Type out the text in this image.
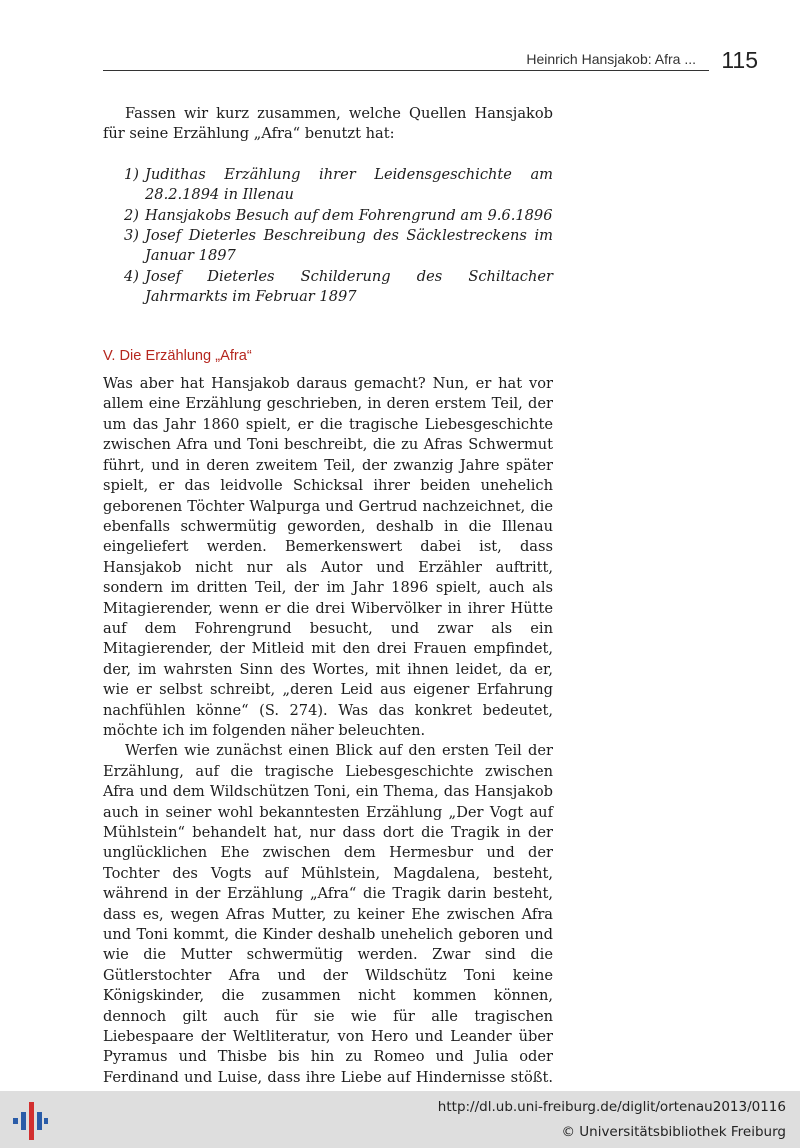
Heinrich Hansjakob: Afra ... 115

Fassen wir kurz zusammen, welche Quellen Hansjakob für seine Erzählung „Afra“ benutzt hat:

1) Judithas Erzählung ihrer Leidensgeschichte am 28.2.1894 in Illenau
2) Hansjakobs Besuch auf dem Fohrengrund am 9.6.1896
3) Josef Dieterles Beschreibung des Säcklestreckens im Januar 1897
4) Josef Dieterles Schilderung des Schiltacher Jahrmarkts im Februar 1897
V. Die Erzählung „Afra“

Was aber hat Hansjakob daraus gemacht? Nun, er hat vor allem eine Erzählung geschrieben, in deren erstem Teil, der um das Jahr 1860 spielt, er die tragische Liebesgeschichte zwischen Afra und Toni beschreibt, die zu Afras Schwermut führt, und in deren zweitem Teil, der zwanzig Jahre später spielt, er das leidvolle Schicksal ihrer beiden unehelich geborenen Töchter Walpurga und Gertrud nachzeichnet, die ebenfalls schwermütig geworden, deshalb in die Illenau eingeliefert werden. Bemerkenswert dabei ist, dass Hansjakob nicht nur als Autor und Erzähler auftritt, sondern im dritten Teil, der im Jahr 1896 spielt, auch als Mitagierender, wenn er die drei Wibervölker in ihrer Hütte auf dem Fohrengrund besucht, und zwar als ein Mitagierender, der Mitleid mit den drei Frauen empfindet, der, im wahrsten Sinn des Wortes, mit ihnen leidet, da er, wie er selbst schreibt, „deren Leid aus eigener Erfahrung nachfühlen könne“ (S. 274). Was das konkret bedeutet, möchte ich im folgenden näher beleuchten.

Werfen wie zunächst einen Blick auf den ersten Teil der Erzählung, auf die tragische Liebesgeschichte zwischen Afra und dem Wildschützen Toni, ein Thema, das Hansjakob auch in seiner wohl bekanntesten Erzählung „Der Vogt auf Mühlstein“ behandelt hat, nur dass dort die Tragik in der unglücklichen Ehe zwischen dem Hermesbur und der Tochter des Vogts auf Mühlstein, Magdalena, besteht, während in der Erzählung „Afra“ die Tragik darin besteht, dass es, wegen Afras Mutter, zu keiner Ehe zwischen Afra und Toni kommt, die Kinder deshalb unehelich geboren und wie die Mutter schwermütig werden. Zwar sind die Gütlerstochter Afra und der Wildschütz Toni keine Königskinder, die zusammen nicht kommen können, dennoch gilt auch für sie wie für alle tragischen Liebespaare der Weltliteratur, von Hero und Leander über Pyramus und Thisbe bis hin zu Romeo und Julia oder Ferdinand und Luise, dass ihre Liebe auf Hindernisse stößt.

http://dl.ub.uni-freiburg.de/diglit/ortenau2013/0116
© Universitätsbibliothek Freiburg
